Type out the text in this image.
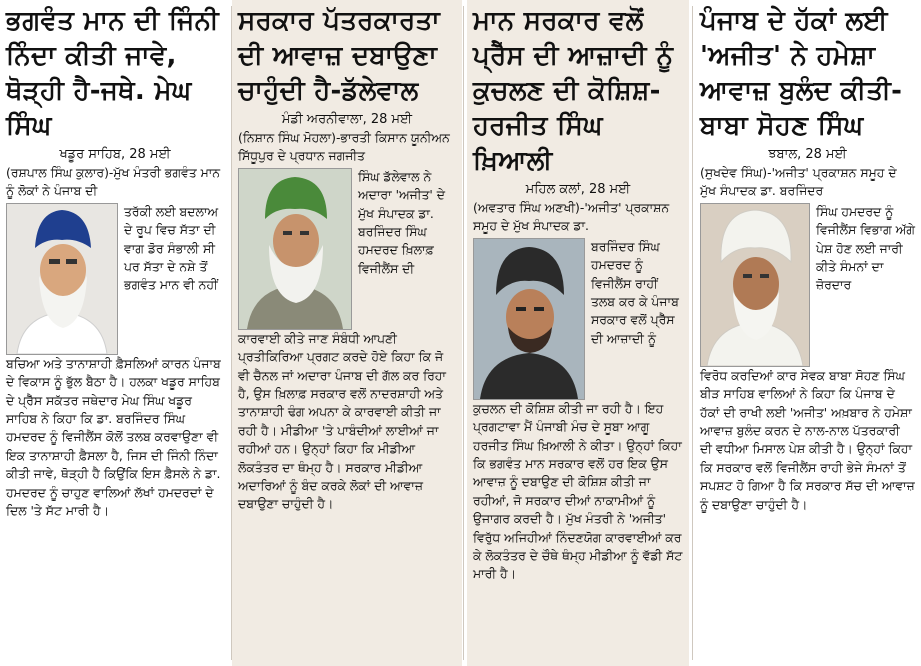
ਭਗਵੰਤ ਮਾਨ ਦੀ ਜਿੰਨੀ ਨਿੰਦਾ ਕੀਤੀ ਜਾਵੇ, ਥੋੜ੍ਹੀ ਹੈ-ਜਥੇ. ਮੇਘ ਸਿੰਘ
ਖਡੂਰ ਸਾਹਿਬ, 28 ਮਈ

(ਰਸ਼ਪਾਲ ਸਿੰਘ ਕੁਲਾਰ)-ਮੁੱਖ ਮੰਤਰੀ ਭਗਵੰਤ ਮਾਨ ਨੂੰ ਲੋਕਾਂ ਨੇ ਪੰਜਾਬ ਦੀ

ਤਰੱਕੀ ਲਈ ਬਦਲਾਅ ਦੇ ਰੂਪ ਵਿਚ ਸੱਤਾ ਦੀ ਵਾਗ ਡੋਰ ਸੰਭਾਲੀ ਸੀ ਪਰ ਸੱਤਾ ਦੇ ਨਸ਼ੇ ਤੋਂ ਭਗਵੰਤ ਮਾਨ ਵੀ ਨਹੀਂ

ਬਚਿਆ ਅਤੇ ਤਾਨਾਸ਼ਾਹੀ ਫ਼ੈਸਲਿਆਂ ਕਾਰਨ ਪੰਜਾਬ ਦੇ ਵਿਕਾਸ ਨੂੰ ਭੁੱਲ ਬੈਠਾ ਹੈ। ਹਲਕਾ ਖਡੂਰ ਸਾਹਿਬ ਦੇ ਪ੍ਰੈੱਸ ਸਕੱਤਰ ਜਥੇਦਾਰ ਮੇਘ ਸਿੰਘ ਖਡੂਰ ਸਾਹਿਬ ਨੇ ਕਿਹਾ ਕਿ ਡਾ. ਬਰਜਿੰਦਰ ਸਿੰਘ ਹਮਦਰਦ ਨੂੰ ਵਿਜੀਲੈਂਸ ਕੋਲੋਂ ਤਲਬ ਕਰਵਾਉਣਾ ਵੀ ਇਕ ਤਾਨਾਸ਼ਾਹੀ ਫ਼ੈਸਲਾ ਹੈ, ਜਿਸ ਦੀ ਜਿੰਨੀ ਨਿੰਦਾ ਕੀਤੀ ਜਾਵੇ, ਥੋੜ੍ਹੀ ਹੈ ਕਿਉਂਕਿ ਇਸ ਫ਼ੈਸਲੇ ਨੇ ਡਾ. ਹਮਦਰਦ ਨੂੰ ਚਾਹੁਣ ਵਾਲਿਆਂ ਲੱਖਾਂ ਹਮਦਰਦਾਂ ਦੇ ਦਿਲ 'ਤੇ ਸੱਟ ਮਾਰੀ ਹੈ।

ਸਰਕਾਰ ਪੱਤਰਕਾਰਤਾ ਦੀ ਆਵਾਜ਼ ਦਬਾਉਣਾ ਚਾਹੁੰਦੀ ਹੈ-ਡੱਲੇਵਾਲ
ਮੰਡੀ ਅਰਨੀਵਾਲਾ, 28 ਮਈ

(ਨਿਸ਼ਾਨ ਸਿੰਘ ਮੋਹਲਾ)-ਭਾਰਤੀ ਕਿਸਾਨ ਯੂਨੀਅਨ ਸਿੱਧੂਪੁਰ ਦੇ ਪ੍ਰਧਾਨ ਜਗਜੀਤ

ਸਿੰਘ ਡੱਲੇਵਾਲ ਨੇ ਅਦਾਰਾ 'ਅਜੀਤ' ਦੇ ਮੁੱਖ ਸੰਪਾਦਕ ਡਾ. ਬਰਜਿੰਦਰ ਸਿੰਘ ਹਮਦਰਦ ਖ਼ਿਲਾਫ਼ ਵਿਜੀਲੈਂਸ ਦੀ

ਕਾਰਵਾਈ ਕੀਤੇ ਜਾਣ ਸੰਬੰਧੀ ਆਪਣੀ ਪ੍ਰਤੀਕਿਰਿਆ ਪ੍ਰਗਟ ਕਰਦੇ ਹੋਏ ਕਿਹਾ ਕਿ ਜੋ ਵੀ ਚੈਨਲ ਜਾਂ ਅਦਾਰਾ ਪੰਜਾਬ ਦੀ ਗੱਲ ਕਰ ਰਿਹਾ ਹੈ, ਉਸ ਖ਼ਿਲਾਫ਼ ਸਰਕਾਰ ਵਲੋਂ ਨਾਦਰਸ਼ਾਹੀ ਅਤੇ ਤਾਨਾਸ਼ਾਹੀ ਢੰਗ ਅਪਨਾ ਕੇ ਕਾਰਵਾਈ ਕੀਤੀ ਜਾ ਰਹੀ ਹੈ। ਮੀਡੀਆ 'ਤੇ ਪਾਬੰਦੀਆਂ ਲਾਈਆਂ ਜਾ ਰਹੀਆਂ ਹਨ। ਉਨ੍ਹਾਂ ਕਿਹਾ ਕਿ ਮੀਡੀਆ ਲੋਕਤੰਤਰ ਦਾ ਥੰਮ੍ਹ ਹੈ। ਸਰਕਾਰ ਮੀਡੀਆ ਅਦਾਰਿਆਂ ਨੂੰ ਬੰਦ ਕਰਕੇ ਲੋਕਾਂ ਦੀ ਆਵਾਜ਼ ਦਬਾਉਣਾ ਚਾਹੁੰਦੀ ਹੈ।

ਮਾਨ ਸਰਕਾਰ ਵਲੋਂ ਪ੍ਰੈੱਸ ਦੀ ਆਜ਼ਾਦੀ ਨੂੰ ਕੁਚਲਣ ਦੀ ਕੋਸ਼ਿਸ਼-ਹਰਜੀਤ ਸਿੰਘ ਖ਼ਿਆਲੀ
ਮਹਿਲ ਕਲਾਂ, 28 ਮਈ

(ਅਵਤਾਰ ਸਿੰਘ ਅਣਖੀ)-'ਅਜੀਤ' ਪ੍ਰਕਾਸ਼ਨ ਸਮੂਹ ਦੇ ਮੁੱਖ ਸੰਪਾਦਕ ਡਾ.

ਬਰਜਿੰਦਰ ਸਿੰਘ ਹਮਦਰਦ ਨੂੰ ਵਿਜੀਲੈਂਸ ਰਾਹੀਂ ਤਲਬ ਕਰ ਕੇ ਪੰਜਾਬ ਸਰਕਾਰ ਵਲੋਂ ਪ੍ਰੈੱਸ ਦੀ ਆਜ਼ਾਦੀ ਨੂੰ

ਕੁਚਲਨ ਦੀ ਕੋਸ਼ਿਸ਼ ਕੀਤੀ ਜਾ ਰਹੀ ਹੈ। ਇਹ ਪ੍ਰਗਟਾਵਾ ਮੈਂ ਪੰਜਾਬੀ ਮੰਚ ਦੇ ਸੂਬਾ ਆਗੂ ਹਰਜੀਤ ਸਿੰਘ ਖ਼ਿਆਲੀ ਨੇ ਕੀਤਾ। ਉਨ੍ਹਾਂ ਕਿਹਾ ਕਿ ਭਗਵੰਤ ਮਾਨ ਸਰਕਾਰ ਵਲੋਂ ਹਰ ਇਕ ਉਸ ਆਵਾਜ਼ ਨੂੰ ਦਬਾਉਣ ਦੀ ਕੋਸ਼ਿਸ਼ ਕੀਤੀ ਜਾ ਰਹੀਆਂ, ਜੋ ਸਰਕਾਰ ਦੀਆਂ ਨਾਕਾਮੀਆਂ ਨੂੰ ਉਜਾਗਰ ਕਰਦੀ ਹੈ। ਮੁੱਖ ਮੰਤਰੀ ਨੇ 'ਅਜੀਤ' ਵਿਰੁੱਧ ਅਜਿਹੀਆਂ ਨਿੰਦਣਯੋਗ ਕਾਰਵਾਈਆਂ ਕਰ ਕੇ ਲੋਕਤੰਤਰ ਦੇ ਚੌਥੇ ਥੰਮ੍ਹ ਮੀਡੀਆ ਨੂੰ ਵੱਡੀ ਸੱਟ ਮਾਰੀ ਹੈ।

ਪੰਜਾਬ ਦੇ ਹੱਕਾਂ ਲਈ 'ਅਜੀਤ' ਨੇ ਹਮੇਸ਼ਾ ਆਵਾਜ਼ ਬੁਲੰਦ ਕੀਤੀ-ਬਾਬਾ ਸੋਹਣ ਸਿੰਘ
ਝਬਾਲ, 28 ਮਈ

(ਸੁਖਦੇਵ ਸਿੰਘ)-'ਅਜੀਤ' ਪ੍ਰਕਾਸ਼ਨ ਸਮੂਹ ਦੇ ਮੁੱਖ ਸੰਪਾਦਕ ਡਾ. ਬਰਜਿੰਦਰ

ਸਿੰਘ ਹਮਦਰਦ ਨੂੰ ਵਿਜੀਲੈਂਸ ਵਿਭਾਗ ਅੱਗੇ ਪੇਸ਼ ਹੋਣ ਲਈ ਜਾਰੀ ਕੀਤੇ ਸੰਮਨਾਂ ਦਾ ਜ਼ੋਰਦਾਰ

ਵਿਰੋਧ ਕਰਦਿਆਂ ਕਾਰ ਸੇਵਕ ਬਾਬਾ ਸੋਹਣ ਸਿੰਘ ਬੀੜ ਸਾਹਿਬ ਵਾਲਿਆਂ ਨੇ ਕਿਹਾ ਕਿ ਪੰਜਾਬ ਦੇ ਹੱਕਾਂ ਦੀ ਰਾਖੀ ਲਈ 'ਅਜੀਤ' ਅਖ਼ਬਾਰ ਨੇ ਹਮੇਸ਼ਾ ਆਵਾਜ਼ ਬੁਲੰਦ ਕਰਨ ਦੇ ਨਾਲ-ਨਾਲ ਪੱਤਰਕਾਰੀ ਦੀ ਵਧੀਆ ਮਿਸਾਲ ਪੇਸ਼ ਕੀਤੀ ਹੈ। ਉਨ੍ਹਾਂ ਕਿਹਾ ਕਿ ਸਰਕਾਰ ਵਲੋਂ ਵਿਜੀਲੈਂਸ ਰਾਹੀ ਭੇਜੇ ਸੰਮਨਾਂ ਤੋਂ ਸਪਸ਼ਟ ਹੋ ਗਿਆ ਹੈ ਕਿ ਸਰਕਾਰ ਸੱਚ ਦੀ ਆਵਾਜ਼ ਨੂੰ ਦਬਾਉਣਾ ਚਾਹੁੰਦੀ ਹੈ।
